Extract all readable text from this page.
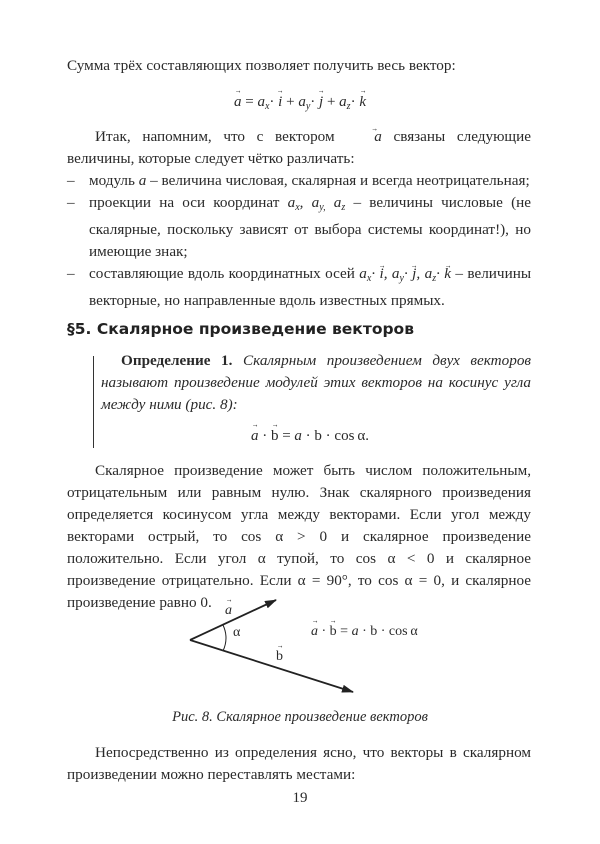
Сумма трёх составляющих позволяет получить весь вектор:
→ $a = a_x\cdot \to i + a_y\cdot \to j + a_z\cdot \to k$
Итак, напомним, что с вектором → a связаны следующие величины, которые следует чётко различать:
– модуль a – величина числовая, скалярная и всегда неотрицательная;
– проекции на оси координат $a_x$, $a_{y,}$ $a_z$ – величины числовые (не скалярные, поскольку зависят от выбора системы координат!), но имеющие знак;
– составляющие вдоль координатных осей $a_x\cdot \to i$, $a_y\cdot \to j$, $a_z\cdot \to k$ – величины векторные, но направленные вдоль известных прямых.
§5. Скалярное произведение векторов
Определение 1. Скалярным произведением двух векторов называют произведение модулей этих векторов на косинус угла между ними (рис. 8):
→ a · → b = a · b · cos α.
Скалярное произведение может быть числом положительным, отрицательным или равным нулю. Знак скалярного произведения определяется косинусом угла между векторами. Если угол между векторами острый, то cos α > 0 и скалярное произведение положительно. Если угол α тупой, то cos α < 0 и скалярное произведение отрицательно. Если α = 90°, то cos α = 0, и скалярное произведение равно 0. → a
α
→ b
→ a · → b = a · b · cos α
Рис. 8. Скалярное произведение векторов
Непосредственно из определения ясно, что векторы в скалярном произведении можно переставлять местами:
19
